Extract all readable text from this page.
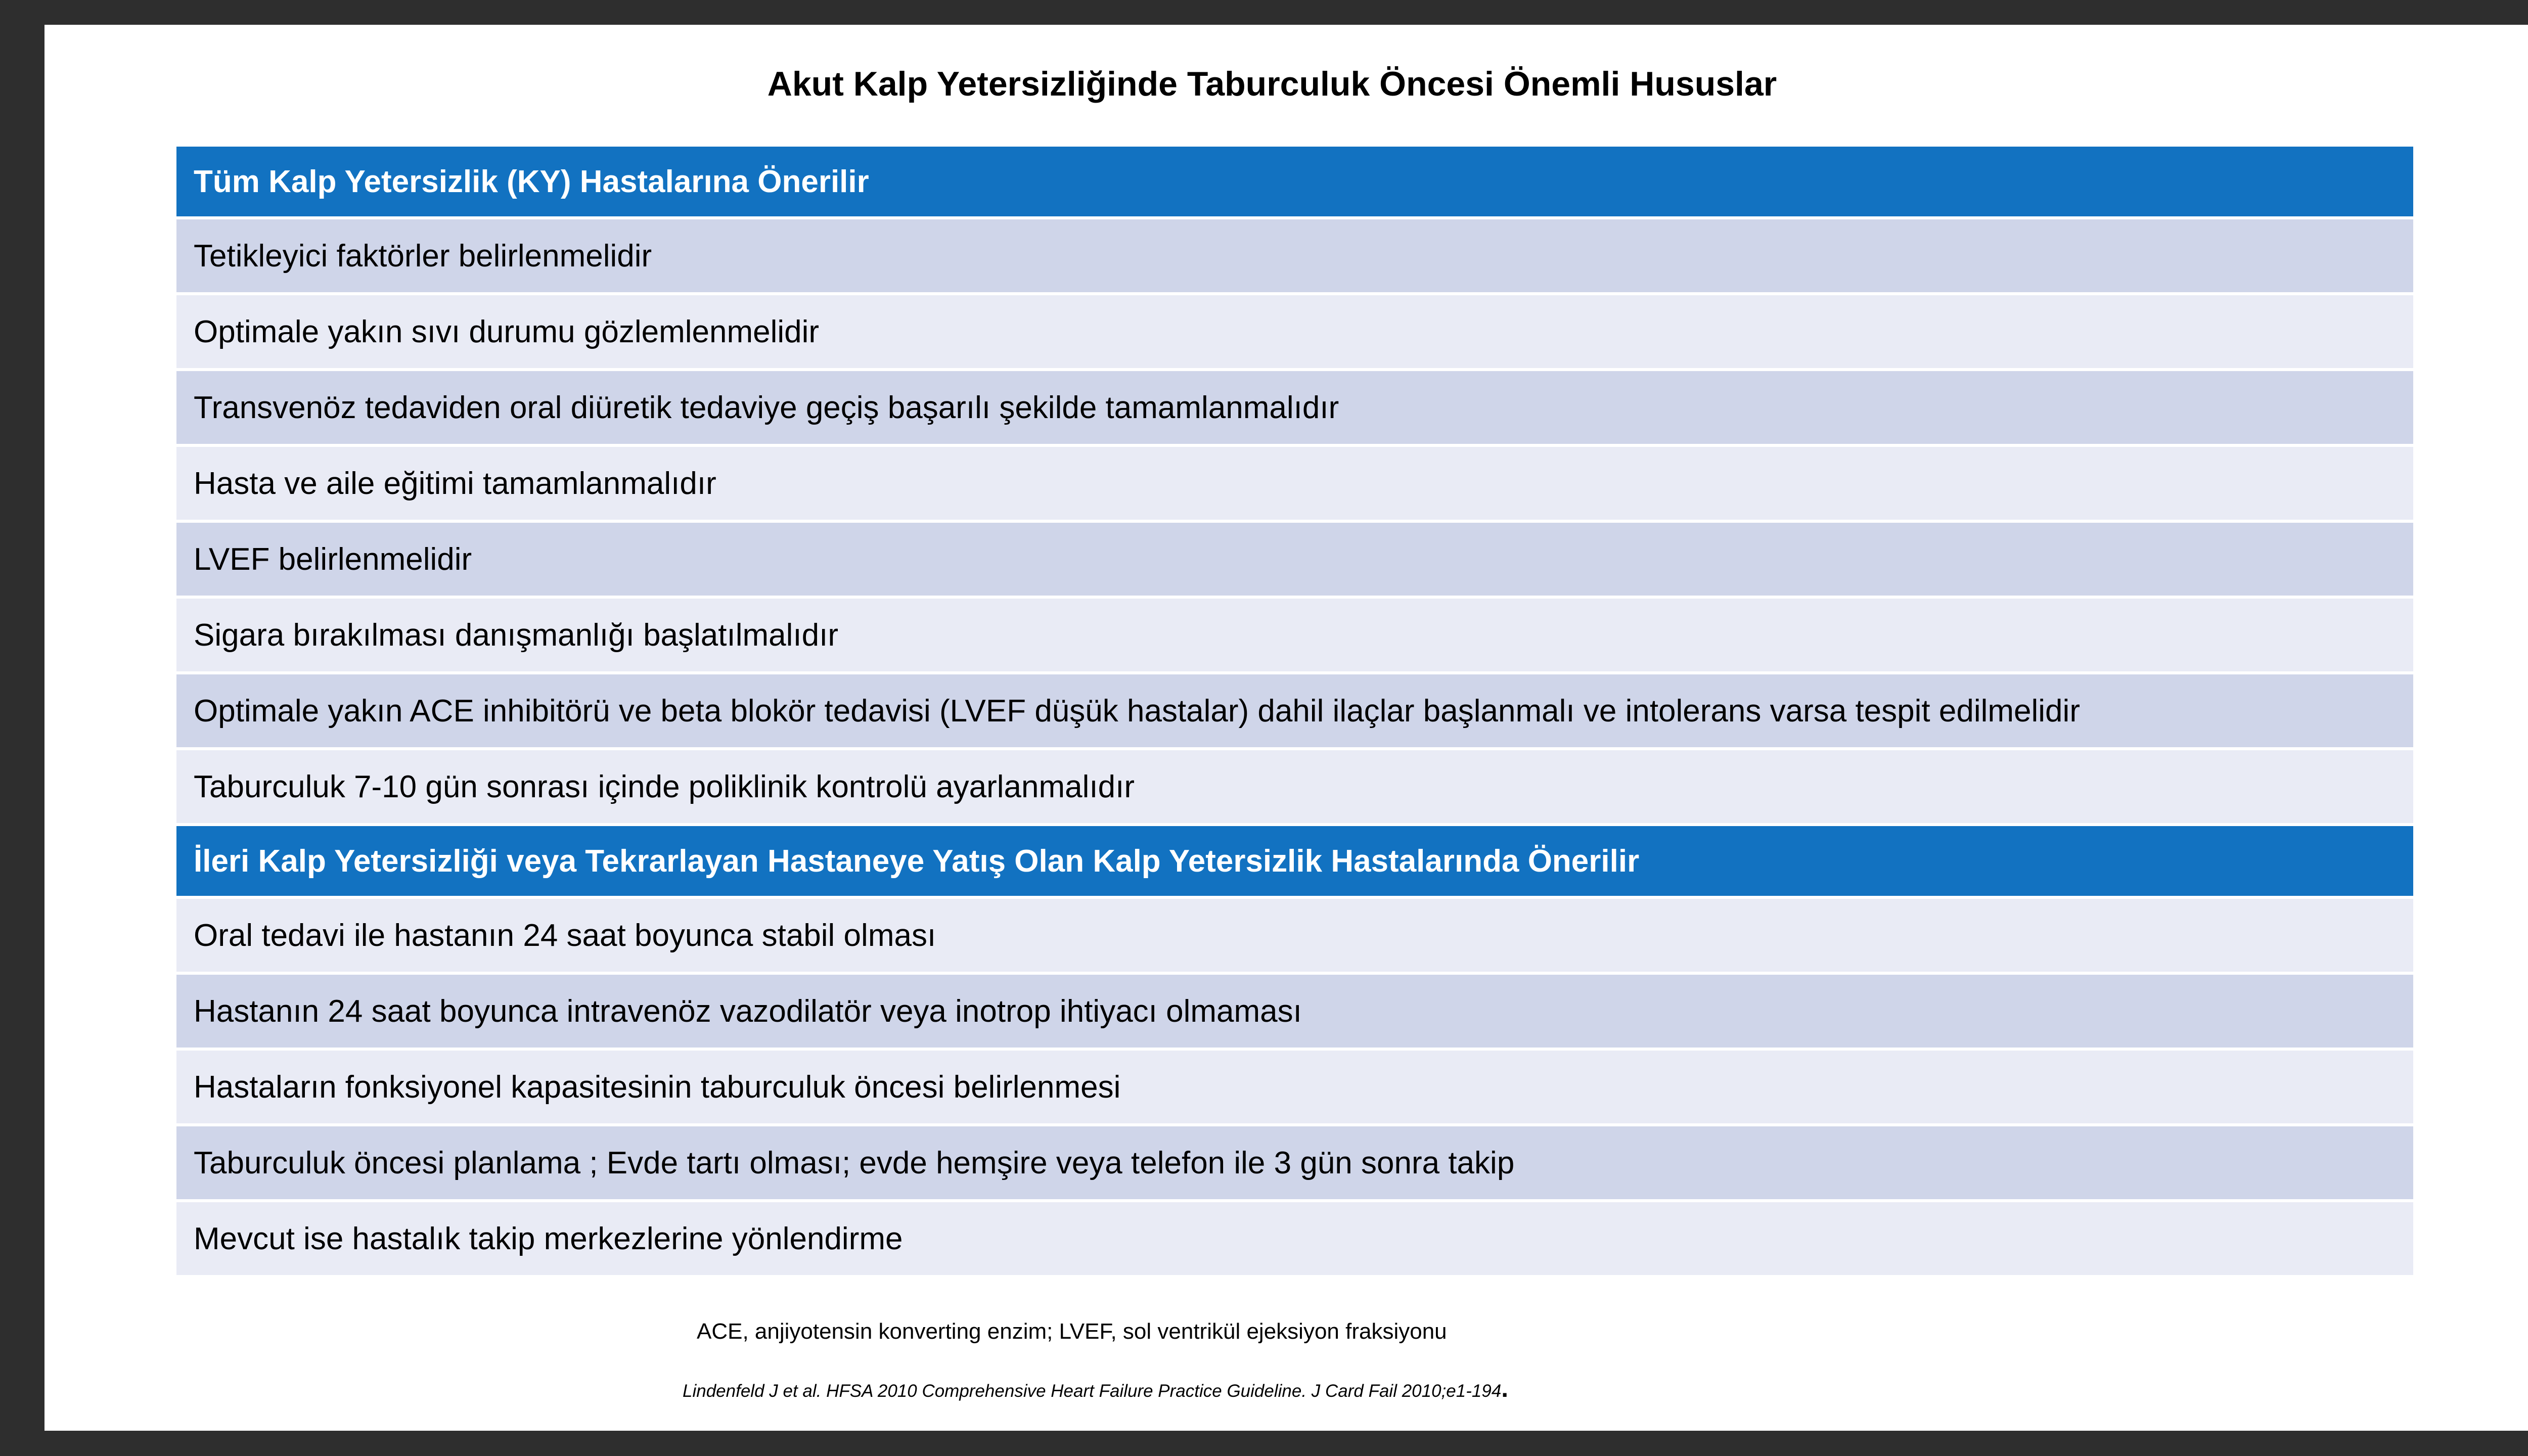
Akut Kalp Yetersizliğinde Taburculuk Öncesi Önemli Hususlar
Tüm Kalp Yetersizlik (KY) Hastalarına Önerilir
Tetikleyici faktörler belirlenmelidir
Optimale yakın sıvı durumu gözlemlenmelidir
Transvenöz tedaviden oral diüretik tedaviye geçiş başarılı şekilde tamamlanmalıdır
Hasta ve aile eğitimi tamamlanmalıdır
LVEF belirlenmelidir
Sigara bırakılması danışmanlığı başlatılmalıdır
Optimale yakın ACE inhibitörü ve beta blokör tedavisi (LVEF düşük hastalar) dahil ilaçlar başlanmalı ve intolerans varsa tespit edilmelidir
Taburculuk 7-10 gün sonrası içinde poliklinik kontrolü ayarlanmalıdır
İleri Kalp Yetersizliği veya Tekrarlayan Hastaneye Yatış Olan Kalp Yetersizlik Hastalarında Önerilir
Oral tedavi ile hastanın 24 saat boyunca stabil olması
Hastanın 24 saat boyunca intravenöz vazodilatör veya inotrop ihtiyacı olmaması
Hastaların fonksiyonel kapasitesinin taburculuk öncesi belirlenmesi
Taburculuk öncesi planlama ; Evde tartı olması; evde hemşire veya telefon ile 3 gün sonra takip
Mevcut ise hastalık takip merkezlerine yönlendirme
ACE, anjiyotensin konverting enzim; LVEF, sol ventrikül ejeksiyon fraksiyonu
Lindenfeld J et al. HFSA 2010 Comprehensive Heart Failure Practice Guideline. J Card Fail 2010;e1-194.
